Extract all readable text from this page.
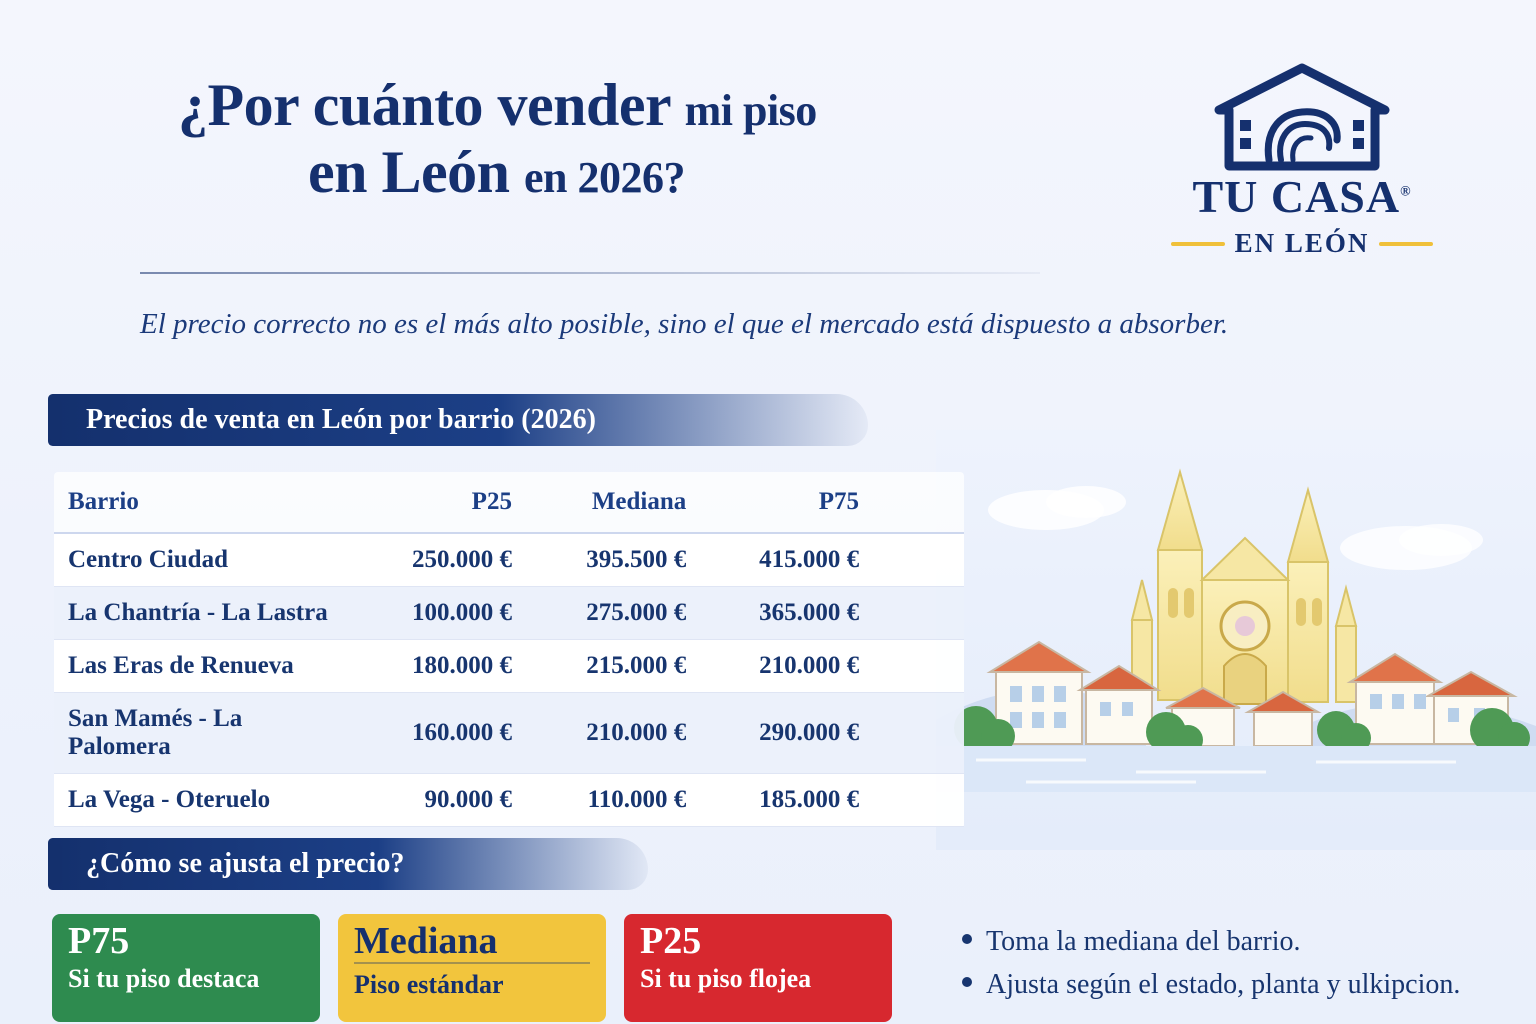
¿Por cuánto vender mi piso
en León en 2026?
El precio correcto no es el más alto posible, sino el que el mercado está dispuesto a absorber.
TU CASA®
EN LEÓN
Precios de venta en León por barrio (2026)
Barrio	P25	Mediana	P75	
Centro Ciudad	250.000 €	395.500 €	415.000 €	
La Chantría - La Lastra	100.000 €	275.000 €	365.000 €	
Las Eras de Renueva	180.000 €	215.000 €	210.000 €	
San Mamés - La Palomera	160.000 €	210.000 €	290.000 €	
La Vega - Oteruelo	90.000 €	110.000 €	185.000 €	
¿Cómo se ajusta el precio?
P75
Si tu piso destaca
Mediana
Piso estándar
P25
Si tu piso flojea
Toma la mediana del barrio.
Ajusta según el estado, planta y ulkipcion.
